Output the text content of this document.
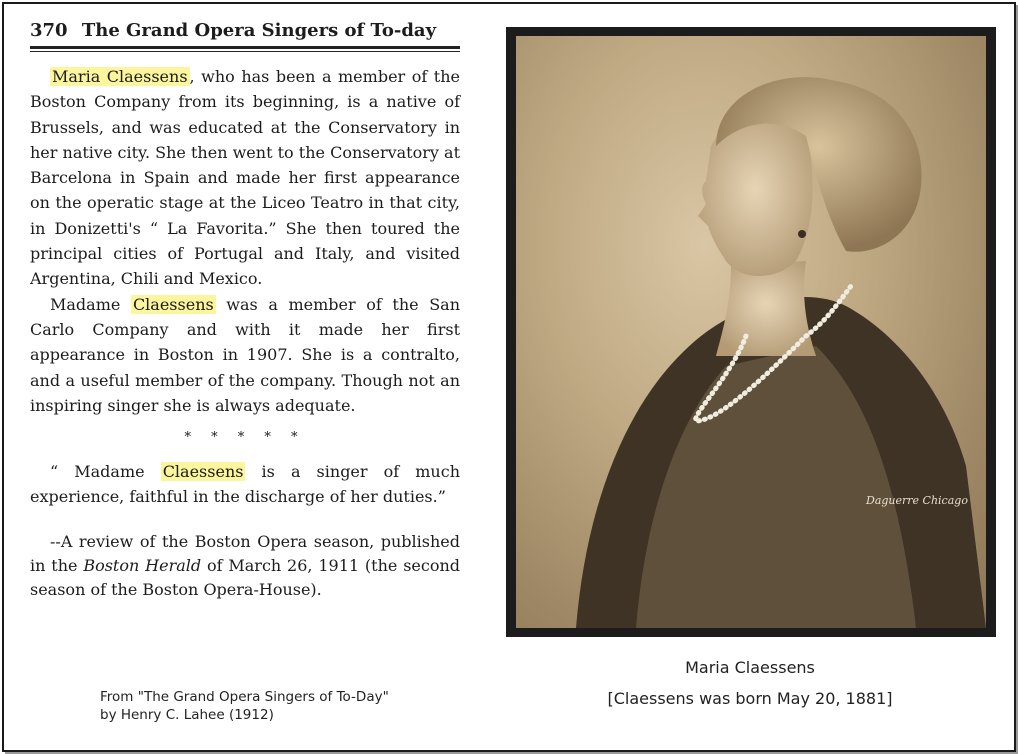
370 The Grand Opera Singers of To-day

Maria Claessens , who has been a member of the Boston Company from its beginning, is a native of Brussels, and was educated at the Conservatory in her native city. She then went to the Conservatory at Barcelona in Spain and made her first appearance on the operatic stage at the Liceo Teatro in that city, in Donizetti's “ La Favorita.” She then toured the principal cities of Portugal and Italy, and visited Argentina, Chili and Mexico.

Madame Claessens was a member of the San Carlo Company and with it made her first appearance in Boston in 1907. She is a contralto, and a useful member of the company. Though not an inspiring singer she is always adequate.

* * * * *

“ Madame Claessens is a singer of much experience, faithful in the discharge of her duties.”

--A review of the Boston Opera season, published in the Boston Herald of March 26, 1911 (the second season of the Boston Opera-House).

From "The Grand Opera Singers of To-Day" by Henry C. Lahee (1912)
Daguerre Chicago
Maria Claessens
[Claessens was born May 20, 1881]
